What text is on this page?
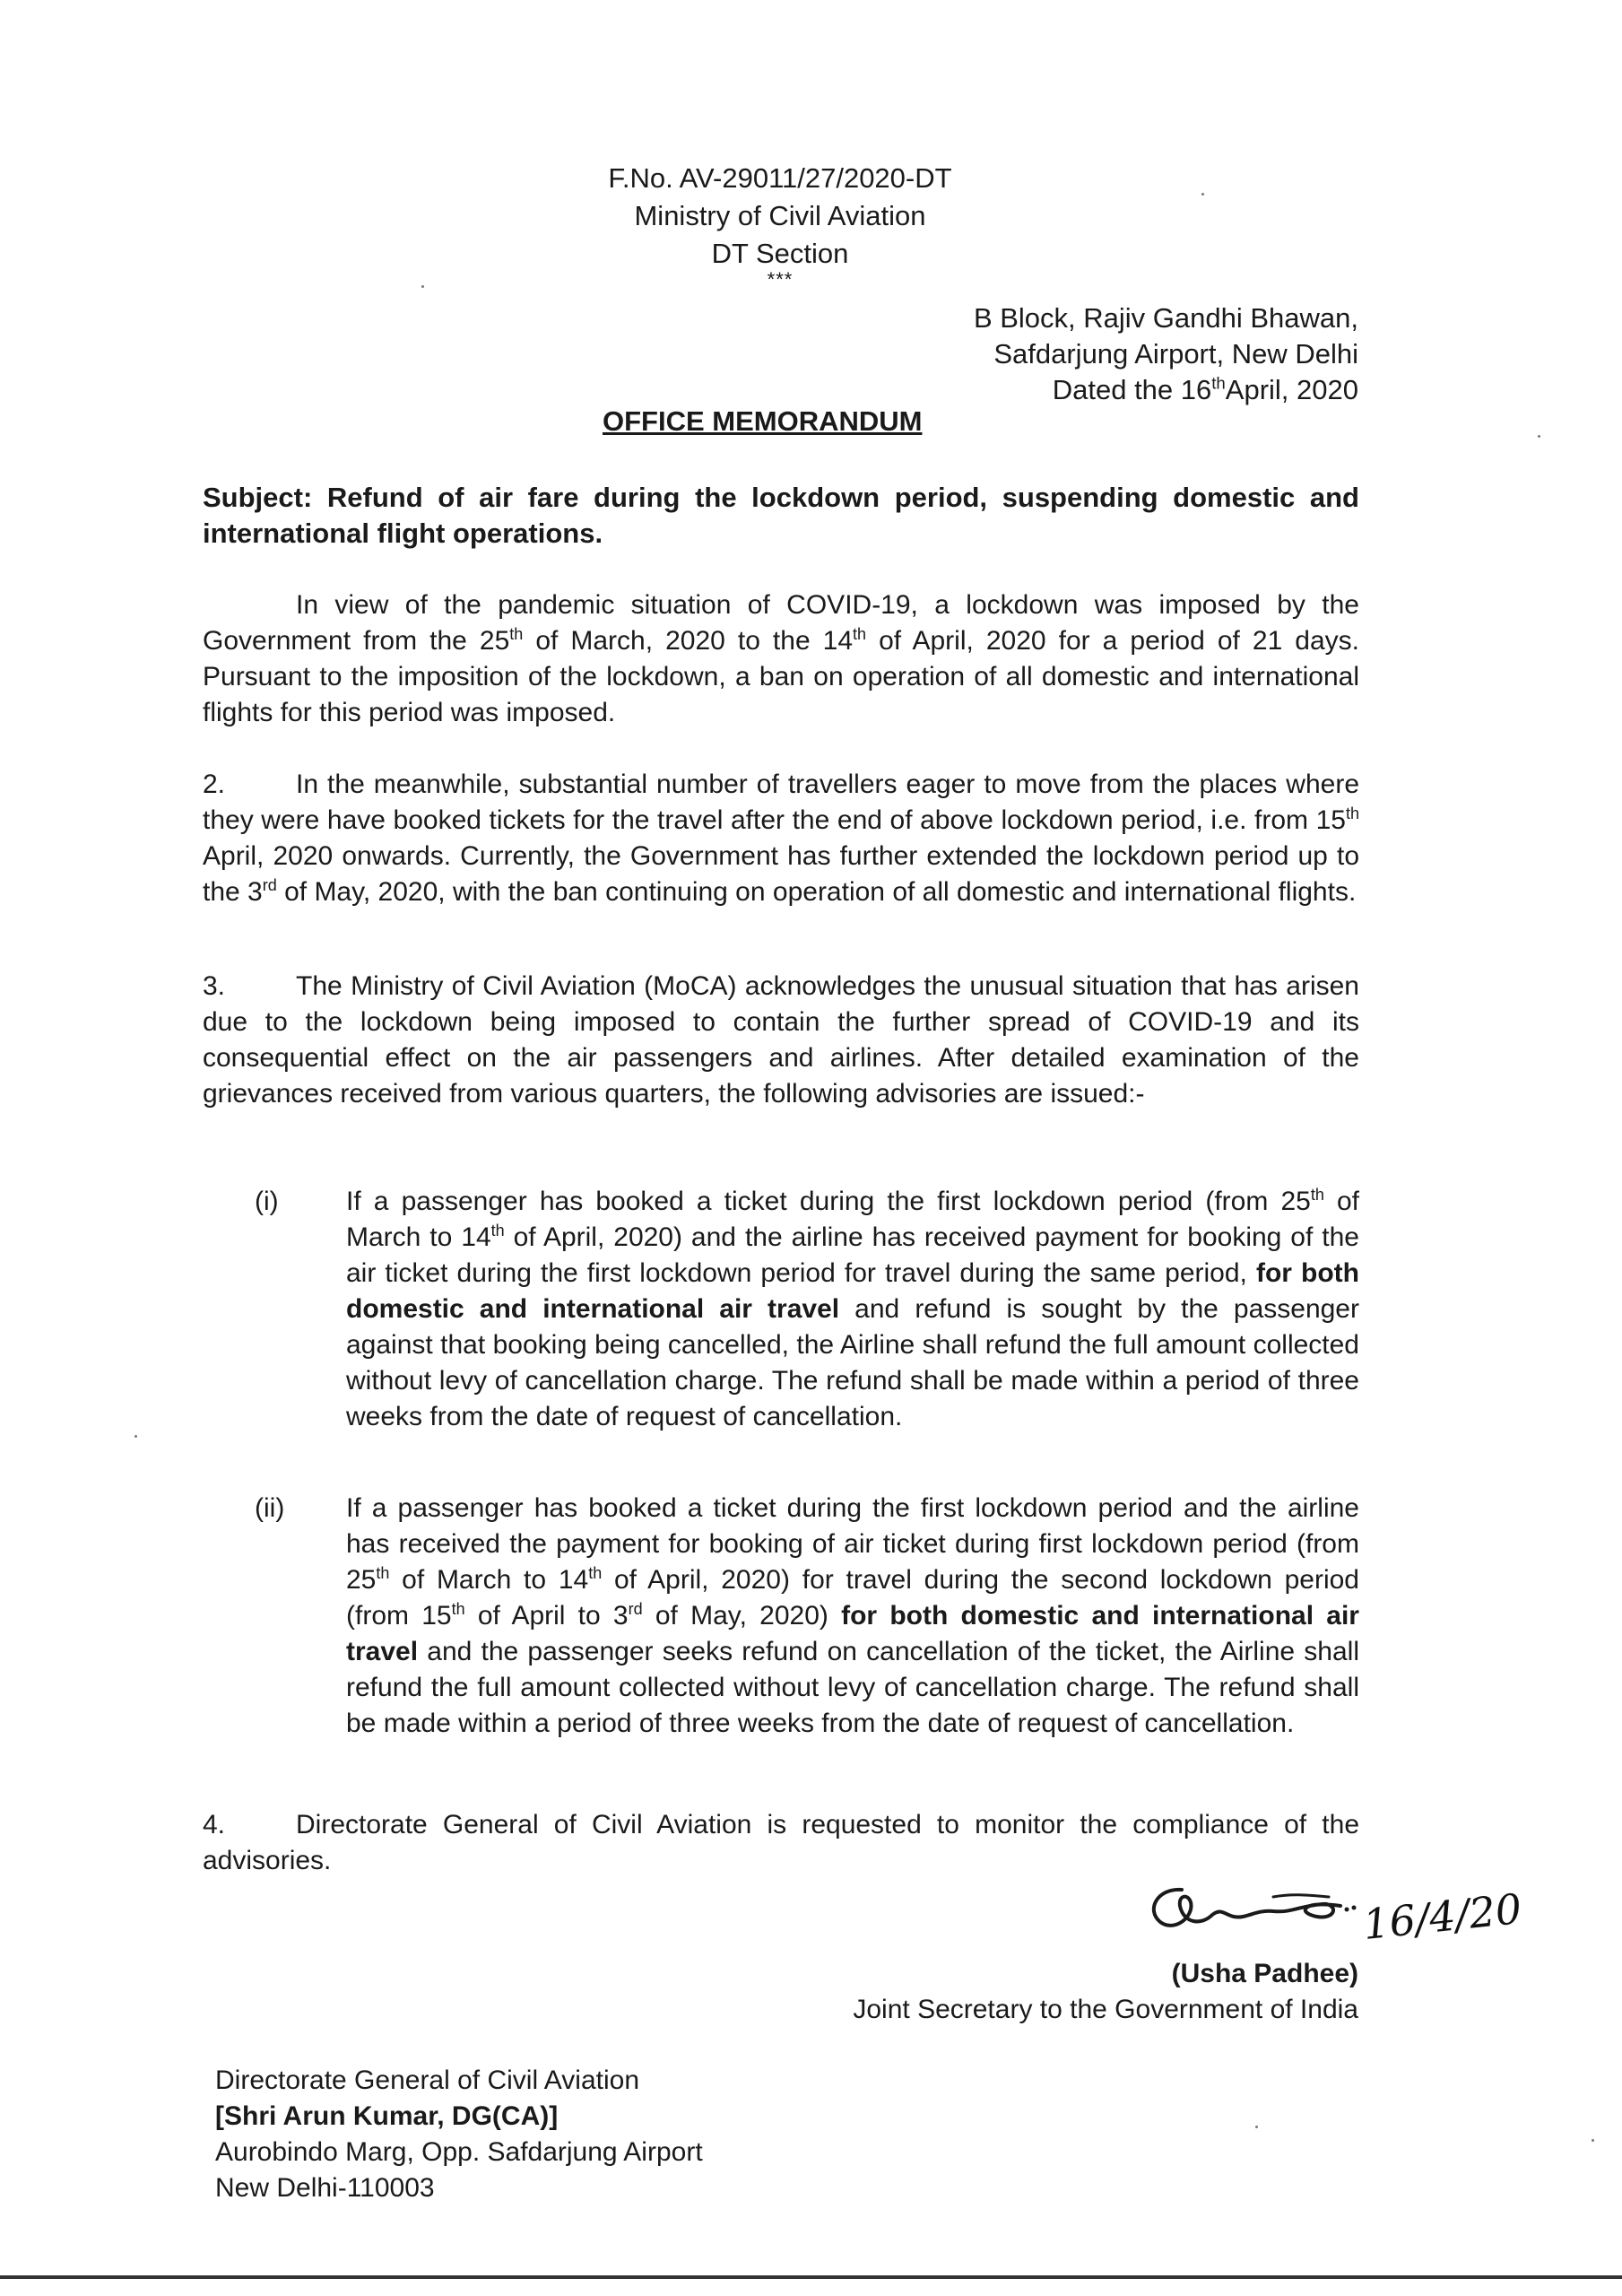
F.No. AV-29011/27/2020-DT
Ministry of Civil Aviation
DT Section
***
B Block, Rajiv Gandhi Bhawan,
Safdarjung Airport, New Delhi
Dated the 16thApril, 2020
OFFICE MEMORANDUM
Subject: Refund of air fare during the lockdown period, suspending domestic and international flight operations.

In view of the pandemic situation of COVID-19, a lockdown was imposed by the Government from the 25th of March, 2020 to the 14th of April, 2020 for a period of 21 days. Pursuant to the imposition of the lockdown, a ban on operation of all domestic and international flights for this period was imposed.

2.	In the meanwhile, substantial number of travellers eager to move from the places where they were have booked tickets for the travel after the end of above lockdown period, i.e. from 15th April, 2020 onwards. Currently, the Government has further extended the lockdown period up to the 3rd of May, 2020, with the ban continuing on operation of all domestic and international flights.

3.	The Ministry of Civil Aviation (MoCA) acknowledges the unusual situation that has arisen due to the lockdown being imposed to contain the further spread of COVID-19 and its consequential effect on the air passengers and airlines. After detailed examination of the grievances received from various quarters, the following advisories are issued:-

(i)	If a passenger has booked a ticket during the first lockdown period (from 25th of March to 14th of April, 2020) and the airline has received payment for booking of the air ticket during the first lockdown period for travel during the same period, for both domestic and international air travel and refund is sought by the passenger against that booking being cancelled, the Airline shall refund the full amount collected without levy of cancellation charge. The refund shall be made within a period of three weeks from the date of request of cancellation.
(ii)	If a passenger has booked a ticket during the first lockdown period and the airline has received the payment for booking of air ticket during first lockdown period (from 25th of March to 14th of April, 2020) for travel during the second lockdown period (from 15th of April to 3rd of May, 2020) for both domestic and international air travel and the passenger seeks refund on cancellation of the ticket, the Airline shall refund the full amount collected without levy of cancellation charge. The refund shall be made within a period of three weeks from the date of request of cancellation.

4.	Directorate General of Civil Aviation is requested to monitor the compliance of the advisories.

16/4/20
(Usha Padhee)
Joint Secretary to the Government of India
Directorate General of Civil Aviation
[Shri Arun Kumar, DG(CA)]
Aurobindo Marg, Opp. Safdarjung Airport
New Delhi-110003
